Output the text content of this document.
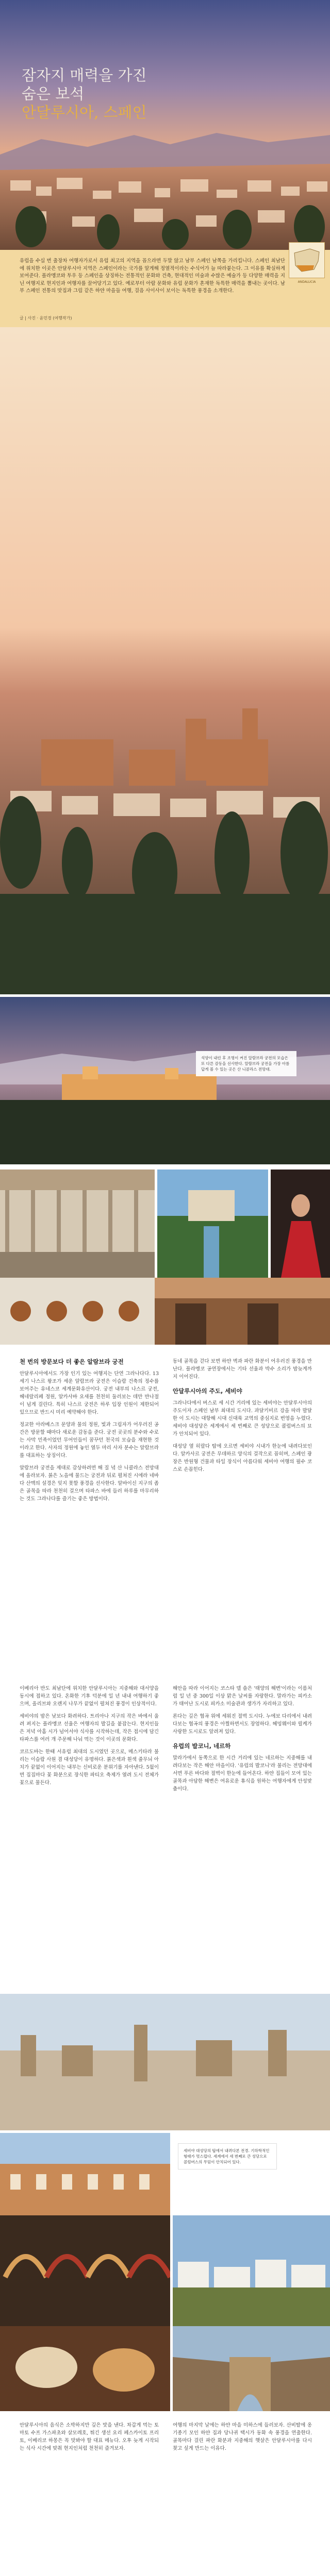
잠자지 매력을 가진
숨은 보석
안달루시아, 스페인
ANDALUCIA
유럽을 수십 번 출장차 여행자가로서 유럽 최고의 지역을 꼽으라면 두말 않고 남부 스페인 남쪽을 가리킵니다. 스페인 최남단에 위치한 이곳은 안달루시아 지역은 스페인이라는 국가를 알게해 정열적이라는 수식어가 늘 따라붙는다. 그 이유를 확실하게 보여준다. 플라멩코와 투우 등 스페인을 상징하는 전통적인 문화와 건축, 현대적인 미술과 수많은 예술가 등 다양한 매력을 지닌 여행지로 현지인과 여행자를 끌어당기고 있다. 예로부터 아랍 문화와 유럽 문화가 혼재한 독특한 매력을 뽐내는 곳이다. 남부 스페인 전통의 맛집과 그림 같은 하얀 마을들 여행, 걸음 사이사이 보이는 독특한 풍경을 소개한다.
글 | 사진 · 윤민경 (여행작가)
석양이 내린 후 조명이 켜진 알람브라 궁전의 모습은 또 다른 감동을 선사한다. 알람브라 궁전을 가장 아름답게 볼 수 있는 곳은 산 니콜라스 전망대.
천 번의 방문보다 더 좋은 알람브라 궁전

안달루시아에서도 가장 인기 있는 여행지는 단연 그라나다다. 13세기 나스르 왕조가 세운 알람브라 궁전은 이슬람 건축의 정수를 보여주는 유네스코 세계문화유산이다. 궁전 내부의 나스르 궁전, 헤네랄리페 정원, 알카사바 요새를 천천히 둘러보는 데만 반나절이 넘게 걸린다. 특히 나스르 궁전은 하루 입장 인원이 제한되어 있으므로 반드시 미리 예약해야 한다.

정교한 아라베스크 문양과 물의 정원, 빛과 그림자가 어우러진 공간은 방문할 때마다 새로운 감동을 준다. 궁전 곳곳의 분수와 수로는 사막 민족이었던 무어인들이 꿈꾸던 천국의 모습을 재현한 것이라고 한다. 사자의 정원에 놓인 열두 마리 사자 분수는 알람브라를 대표하는 상징이다.

알람브라 궁전을 제대로 감상하려면 해 질 녘 산 니콜라스 전망대에 올라보자. 붉은 노을에 물드는 궁전과 뒤로 펼쳐진 시에라 네바다 산맥의 설경은 잊지 못할 풍경을 선사한다. 알바이신 지구의 좁은 골목을 따라 천천히 걸으며 타파스 바에 들러 하루를 마무리하는 것도 그라나다를 즐기는 좋은 방법이다.

동네 골목을 걷다 보면 하얀 벽과 파란 화분이 어우러진 풍경을 만난다. 플라멩코 공연장에서는 기타 선율과 박수 소리가 밤늦게까지 이어진다.

안달루시아의 주도, 세비야

그라나다에서 버스로 세 시간 거리에 있는 세비야는 안달루시아의 주도이자 스페인 남부 최대의 도시다. 과달키비르 강을 따라 발달한 이 도시는 대항해 시대 신대륙 교역의 중심지로 번영을 누렸다. 세비야 대성당은 세계에서 세 번째로 큰 성당으로 콜럼버스의 묘가 안치되어 있다.

대성당 옆 히랄다 탑에 오르면 세비야 시내가 한눈에 내려다보인다. 알카사르 궁전은 무데하르 양식의 걸작으로 꼽히며, 스페인 광장은 반원형 건물과 타일 장식이 아름다워 세비야 여행의 필수 코스로 손꼽힌다.

이베리아 반도 최남단에 위치한 안달루시아는 지중해와 대서양을 동시에 접하고 있다. 온화한 기후 덕분에 일 년 내내 여행하기 좋으며, 올리브와 오렌지 나무가 끝없이 펼쳐진 풍경이 인상적이다.

세비야의 밤은 낮보다 화려하다. 트리아나 지구의 작은 바에서 울려 퍼지는 플라멩코 선율은 여행자의 발길을 붙잡는다. 현지인들은 저녁 아홉 시가 넘어서야 식사를 시작하는데, 작은 접시에 담긴 타파스를 여러 개 주문해 나눠 먹는 것이 이곳의 문화다.

코르도바는 한때 서유럽 최대의 도시였던 곳으로, 메스키타라 불리는 이슬람 사원 겸 대성당이 유명하다. 붉은색과 흰색 줄무늬 아치가 끝없이 이어지는 내부는 신비로운 분위기를 자아낸다. 5월이면 집집마다 꽃 화분으로 장식한 파티오 축제가 열려 도시 전체가 꽃으로 물든다.

해안을 따라 이어지는 코스타 델 솔은 '태양의 해변'이라는 이름처럼 일 년 중 300일 이상 맑은 날씨를 자랑한다. 말라가는 피카소가 태어난 도시로 피카소 미술관과 생가가 자리하고 있다.

론다는 깊은 협곡 위에 세워진 절벽 도시다. 누에보 다리에서 내려다보는 협곡의 풍경은 아찔하면서도 장엄하다. 헤밍웨이와 릴케가 사랑한 도시로도 알려져 있다.

유럽의 발코니, 네르하

말라가에서 동쪽으로 한 시간 거리에 있는 네르하는 지중해를 내려다보는 작은 해안 마을이다. '유럽의 발코니'라 불리는 전망대에 서면 푸른 바다와 절벽이 한눈에 들어온다. 하얀 집들이 모여 있는 골목과 아담한 해변은 여유로운 휴식을 원하는 여행자에게 안성맞춤이다.

세비야 대성당의 탑에서 내려다본 전경. 기하학적인 형태가 멋스럽다. 세계에서 세 번째로 큰 성당으로 콜럼버스의 무덤이 안치되어 있다.

안달루시아의 음식은 소박하지만 깊은 맛을 낸다. 차갑게 먹는 토마토 수프 가스파초와 살모레호, 튀긴 생선 요리 페스카이토 프리토, 이베리코 하몽은 꼭 맛봐야 할 대표 메뉴다. 오후 늦게 시작되는 식사 시간에 맞춰 현지인처럼 천천히 즐겨보자.

여행의 마지막 날에는 하얀 마을 미하스에 들러보자. 산비탈에 옹기종기 모인 하얀 집과 당나귀 택시가 동화 속 풍경을 연출한다. 골목마다 걸린 파란 화분과 지중해의 햇살은 안달루시아를 다시 찾고 싶게 만드는 이유다.
